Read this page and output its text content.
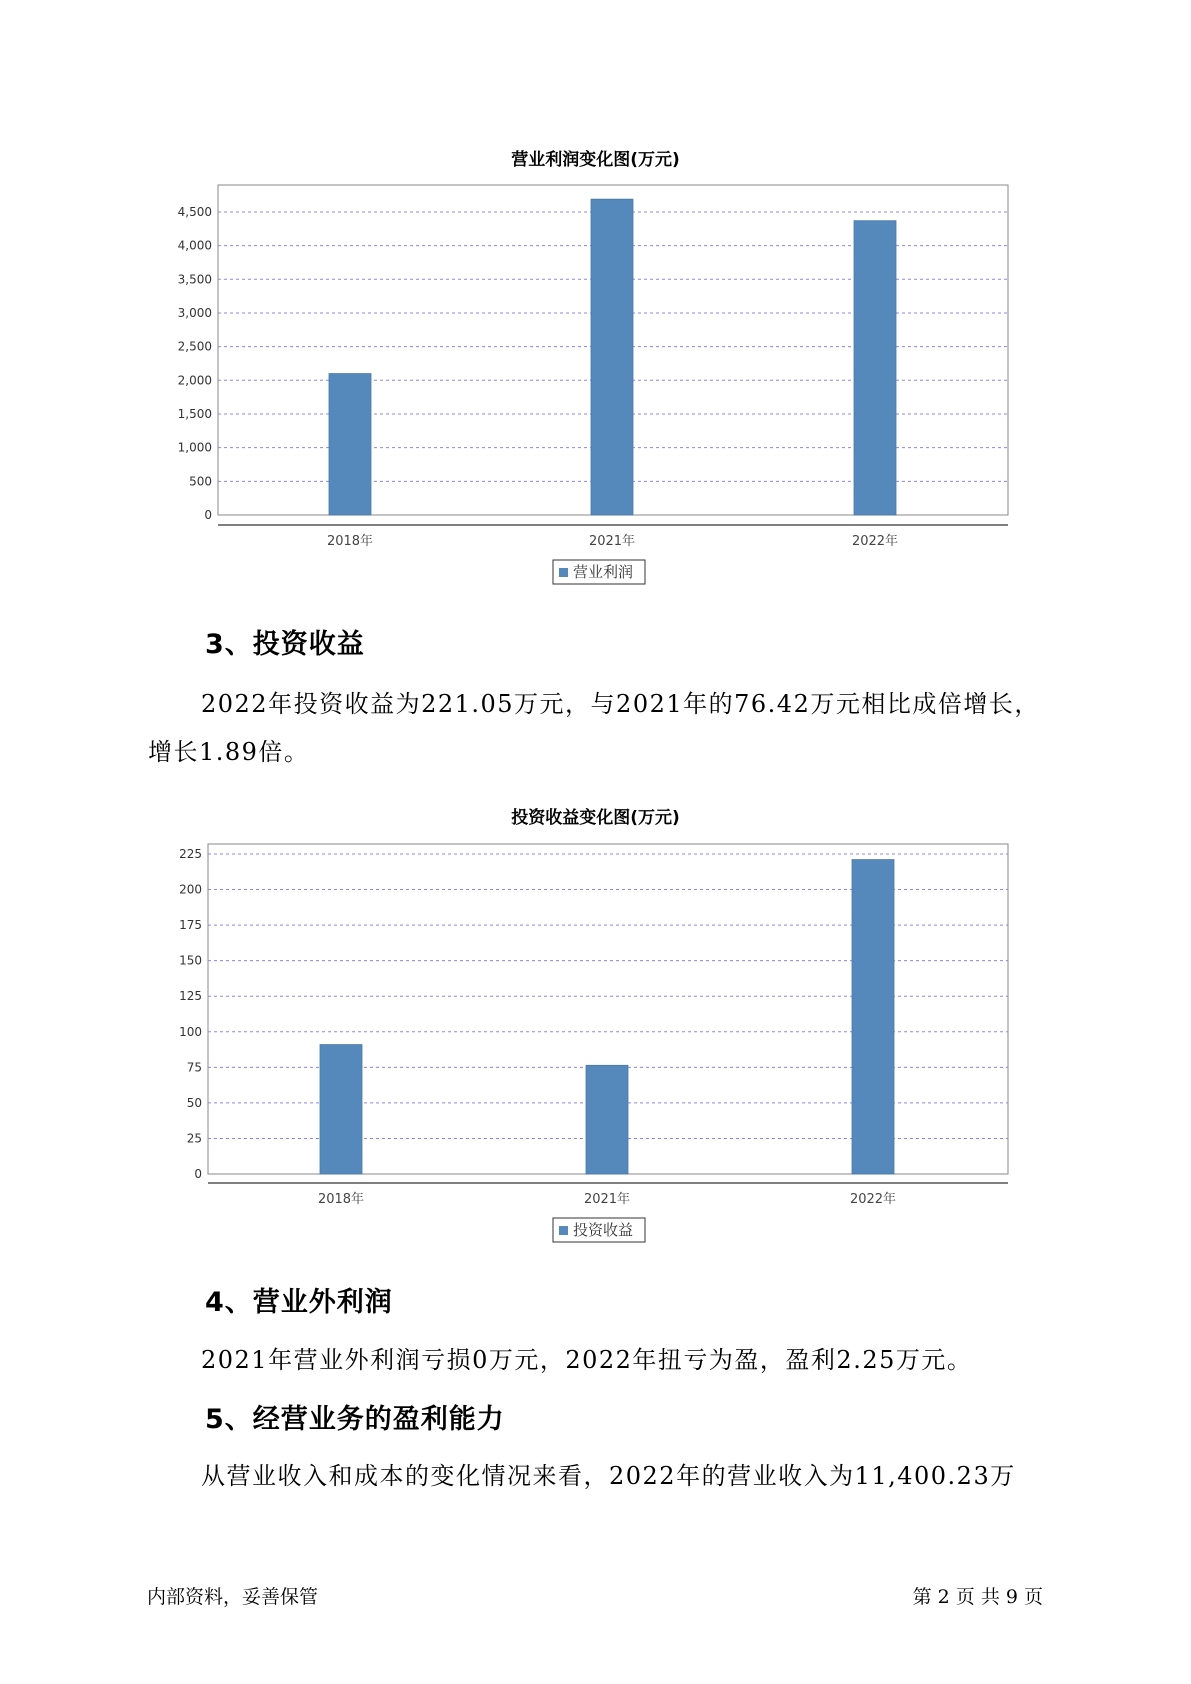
营业利润变化图(万元)
0
500
1,000
1,500
2,000
2,500
3,000
3,500
4,000
4,500
2018年	2021年	2022年
营业利润
3、投资收益
2022年投资收益为221.05万元，与2021年的76.42万元相比成倍增长，
增长1.89倍。
投资收益变化图(万元)
0
25
50
75
100
125
150
175
200
225
2018年	2021年	2022年
投资收益
4、营业外利润
2021年营业外利润亏损0万元，2022年扭亏为盈，盈利2.25万元。
5、经营业务的盈利能力
从营业收入和成本的变化情况来看，2022年的营业收入为11,400.23万
内部资料，妥善保管	第 2 页 共 9 页
